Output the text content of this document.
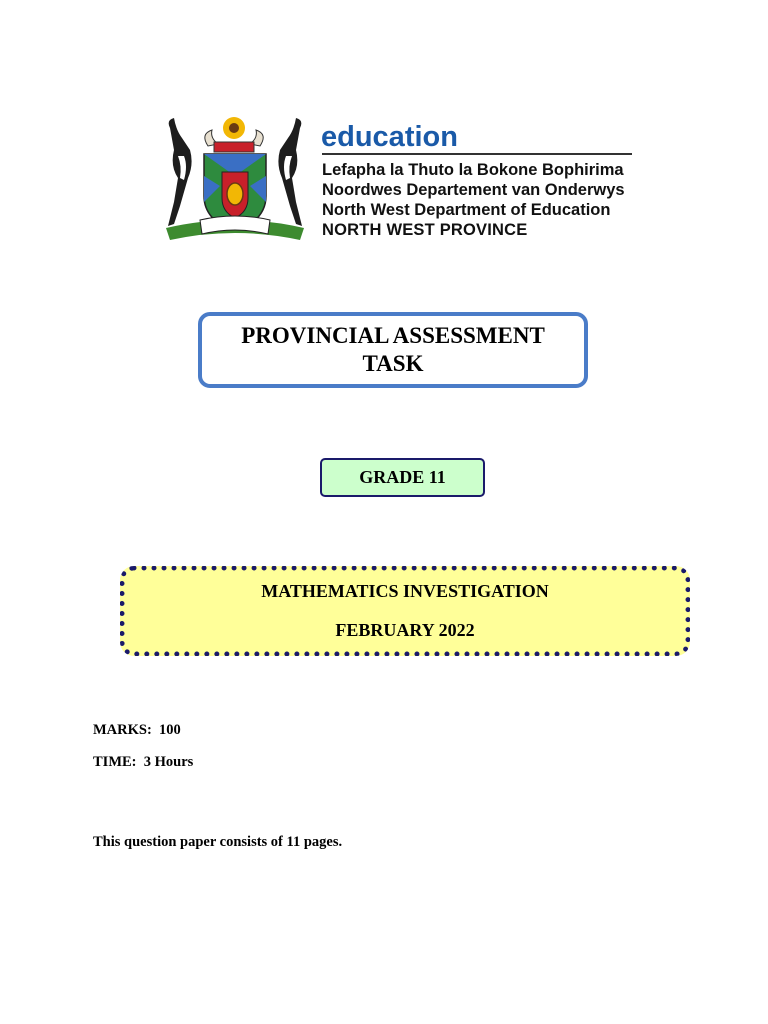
education
Lefapha la Thuto la Bokone Bophirima
Noordwes Departement van Onderwys
North West Department of Education
NORTH WEST PROVINCE
PROVINCIAL ASSESSMENT
TASK
GRADE 11
MATHEMATICS INVESTIGATION
FEBRUARY 2022
MARKS:  100
TIME:  3 Hours
This question paper consists of 11 pages.
